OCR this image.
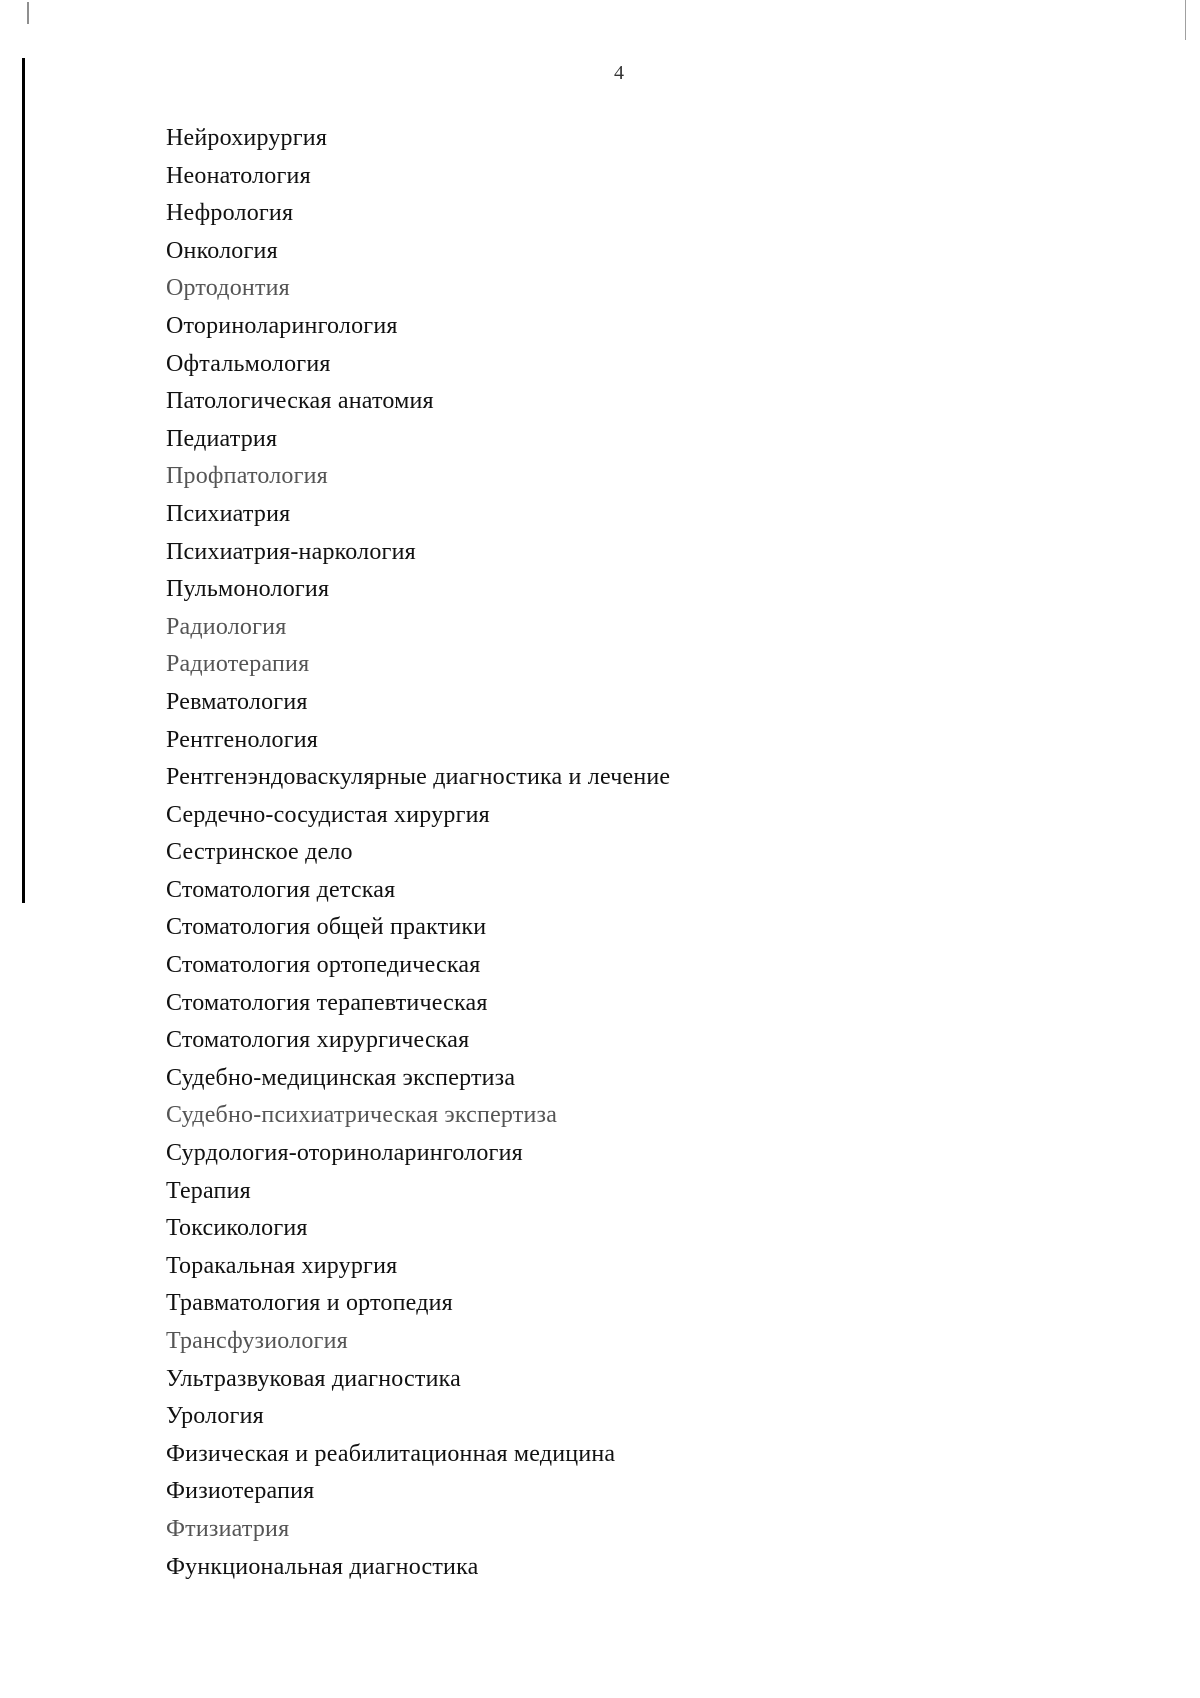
4
Нейрохирургия
Неонатология
Нефрология
Онкология
Ортодонтия
Оториноларингология
Офтальмология
Патологическая анатомия
Педиатрия
Профпатология
Психиатрия
Психиатрия-наркология
Пульмонология
Радиология
Радиотерапия
Ревматология
Рентгенология
Рентгенэндоваскулярные диагностика и лечение
Сердечно-сосудистая хирургия
Сестринское дело
Стоматология детская
Стоматология общей практики
Стоматология ортопедическая
Стоматология терапевтическая
Стоматология хирургическая
Судебно-медицинская экспертиза
Судебно-психиатрическая экспертиза
Сурдология-оториноларингология
Терапия
Токсикология
Торакальная хирургия
Травматология и ортопедия
Трансфузиология
Ультразвуковая диагностика
Урология
Физическая и реабилитационная медицина
Физиотерапия
Фтизиатрия
Функциональная диагностика
